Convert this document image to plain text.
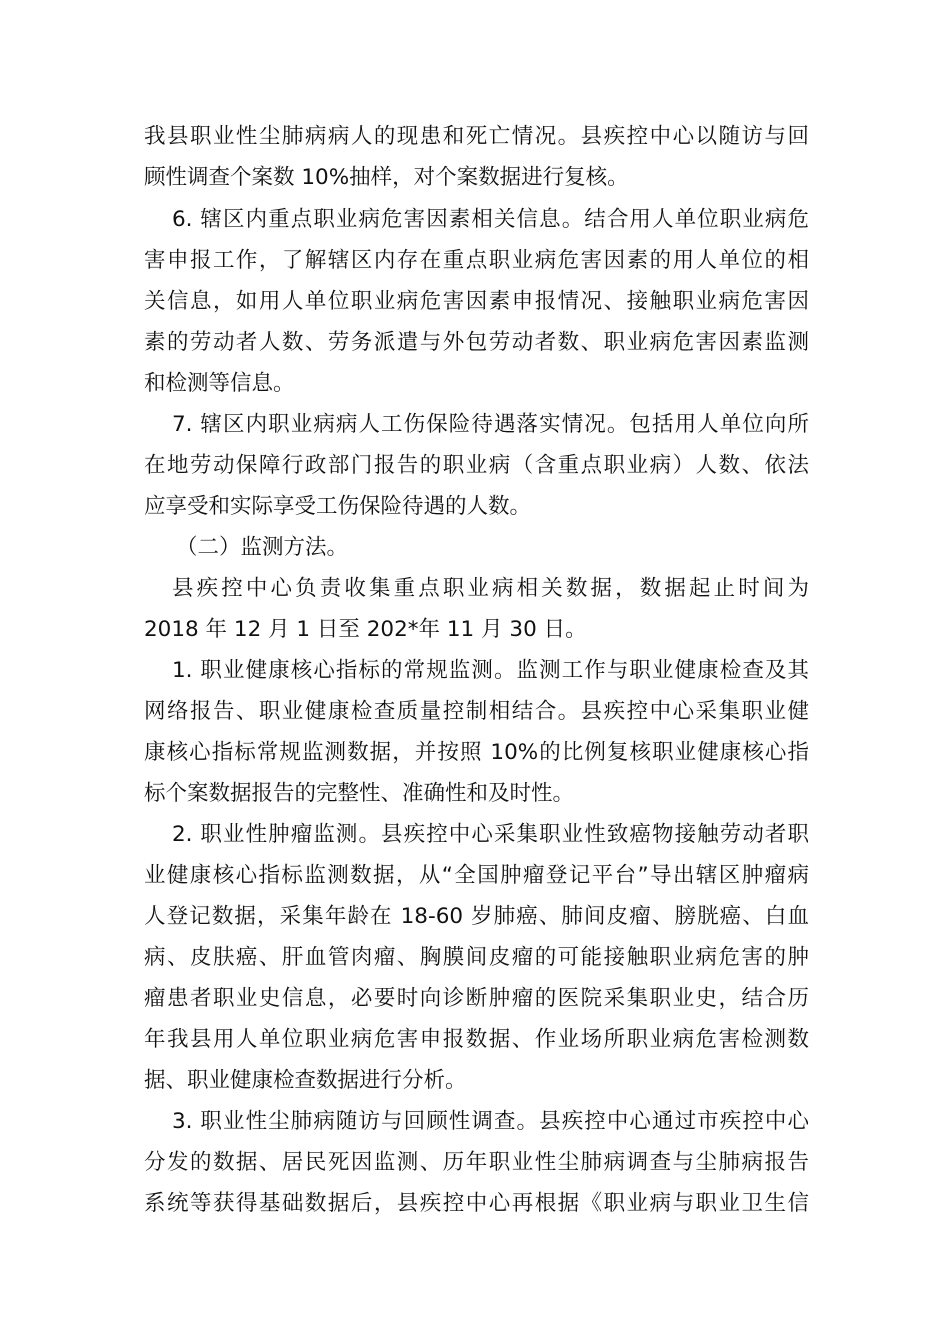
我县职业性尘肺病病人的现患和死亡情况。县疾控中心以随访与回
顾性调查个案数 10%抽样，对个案数据进行复核。
6. 辖区内重点职业病危害因素相关信息。结合用人单位职业病危
害申报工作，了解辖区内存在重点职业病危害因素的用人单位的相
关信息，如用人单位职业病危害因素申报情况、接触职业病危害因
素的劳动者人数、劳务派遣与外包劳动者数、职业病危害因素监测
和检测等信息。
7. 辖区内职业病病人工伤保险待遇落实情况。包括用人单位向所
在地劳动保障行政部门报告的职业病（含重点职业病）人数、依法
应享受和实际享受工伤保险待遇的人数。
（二）监测方法。
县疾控中心负责收集重点职业病相关数据，数据起止时间为
2018 年 12 月 1 日至 202*年 11 月 30 日。
1. 职业健康核心指标的常规监测。监测工作与职业健康检查及其
网络报告、职业健康检查质量控制相结合。县疾控中心采集职业健
康核心指标常规监测数据，并按照 10%的比例复核职业健康核心指
标个案数据报告的完整性、准确性和及时性。
2. 职业性肿瘤监测。县疾控中心采集职业性致癌物接触劳动者职
业健康核心指标监测数据，从“全国肿瘤登记平台”导出辖区肿瘤病
人登记数据，采集年龄在 18-60 岁肺癌、肺间皮瘤、膀胱癌、白血
病、皮肤癌、肝血管肉瘤、胸膜间皮瘤的可能接触职业病危害的肿
瘤患者职业史信息，必要时向诊断肿瘤的医院采集职业史，结合历
年我县用人单位职业病危害申报数据、作业场所职业病危害检测数
据、职业健康检查数据进行分析。
3. 职业性尘肺病随访与回顾性调查。县疾控中心通过市疾控中心
分发的数据、居民死因监测、历年职业性尘肺病调查与尘肺病报告
系统等获得基础数据后，县疾控中心再根据《职业病与职业卫生信
